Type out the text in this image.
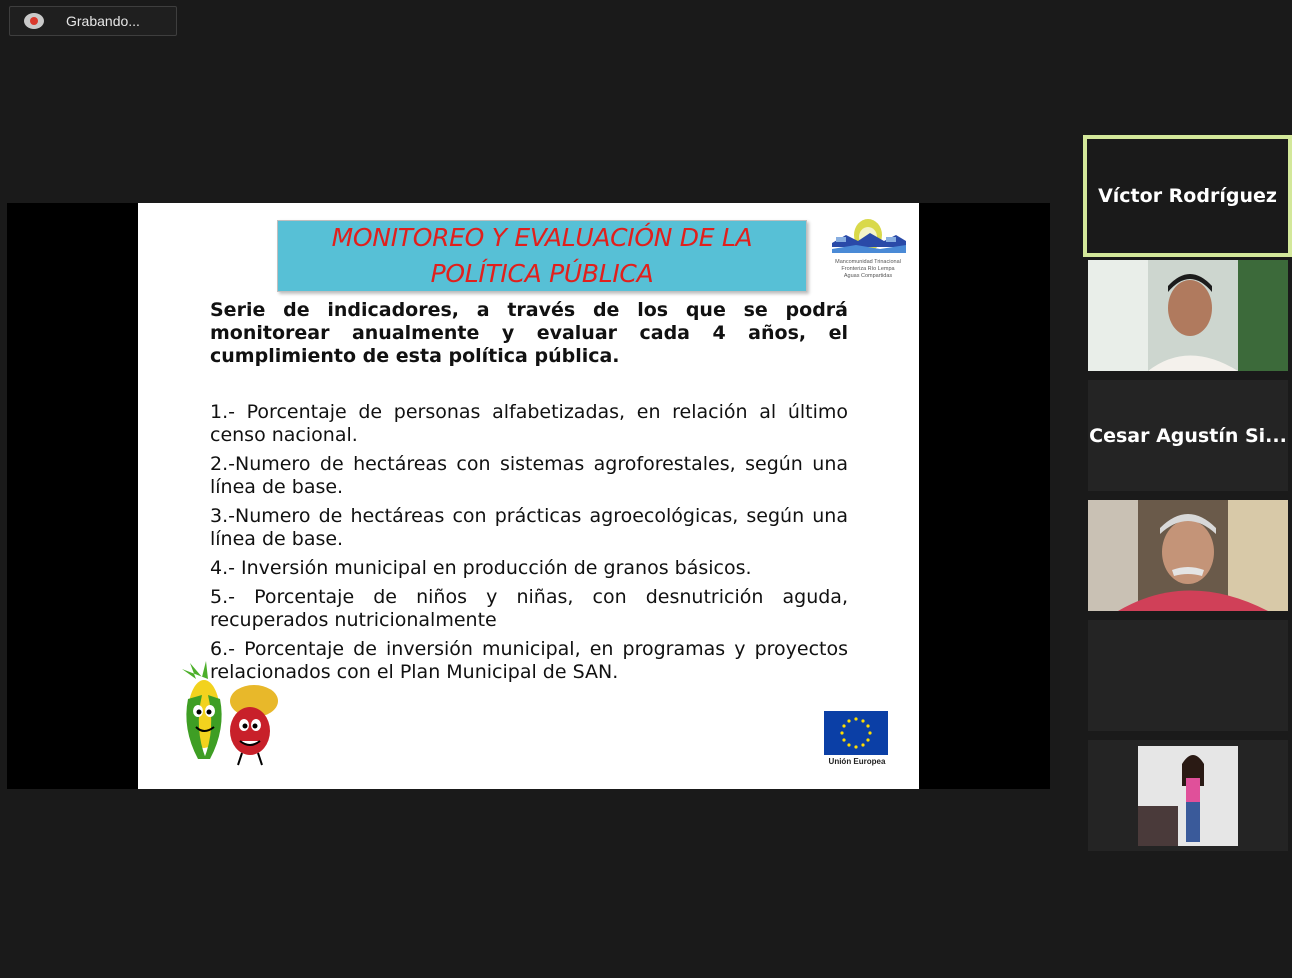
Grabando...
MONITOREO Y EVALUACIÓN DE LA
POLÍTICA PÚBLICA	Mancomunidad Trinacional
Fronteriza Río Lempa
Aguas Compartidas
Serie de indicadores, a través de los que se podrá monitorear anualmente y evaluar cada 4 años, el cumplimiento de esta política pública.
1.- Porcentaje de personas alfabetizadas, en relación al último censo nacional.
2.-Numero de hectáreas con sistemas agroforestales, según una línea de base.
3.-Numero de hectáreas con prácticas agroecológicas, según una línea de base.
4.- Inversión municipal en producción de granos básicos.
5.- Porcentaje de niños y niñas, con desnutrición aguda, recuperados nutricionalmente
6.- Porcentaje de inversión municipal, en programas y proyectos relacionados con el Plan Municipal de SAN.
Unión Europea
Víctor Rodríguez
Cesar Agustín Si...
